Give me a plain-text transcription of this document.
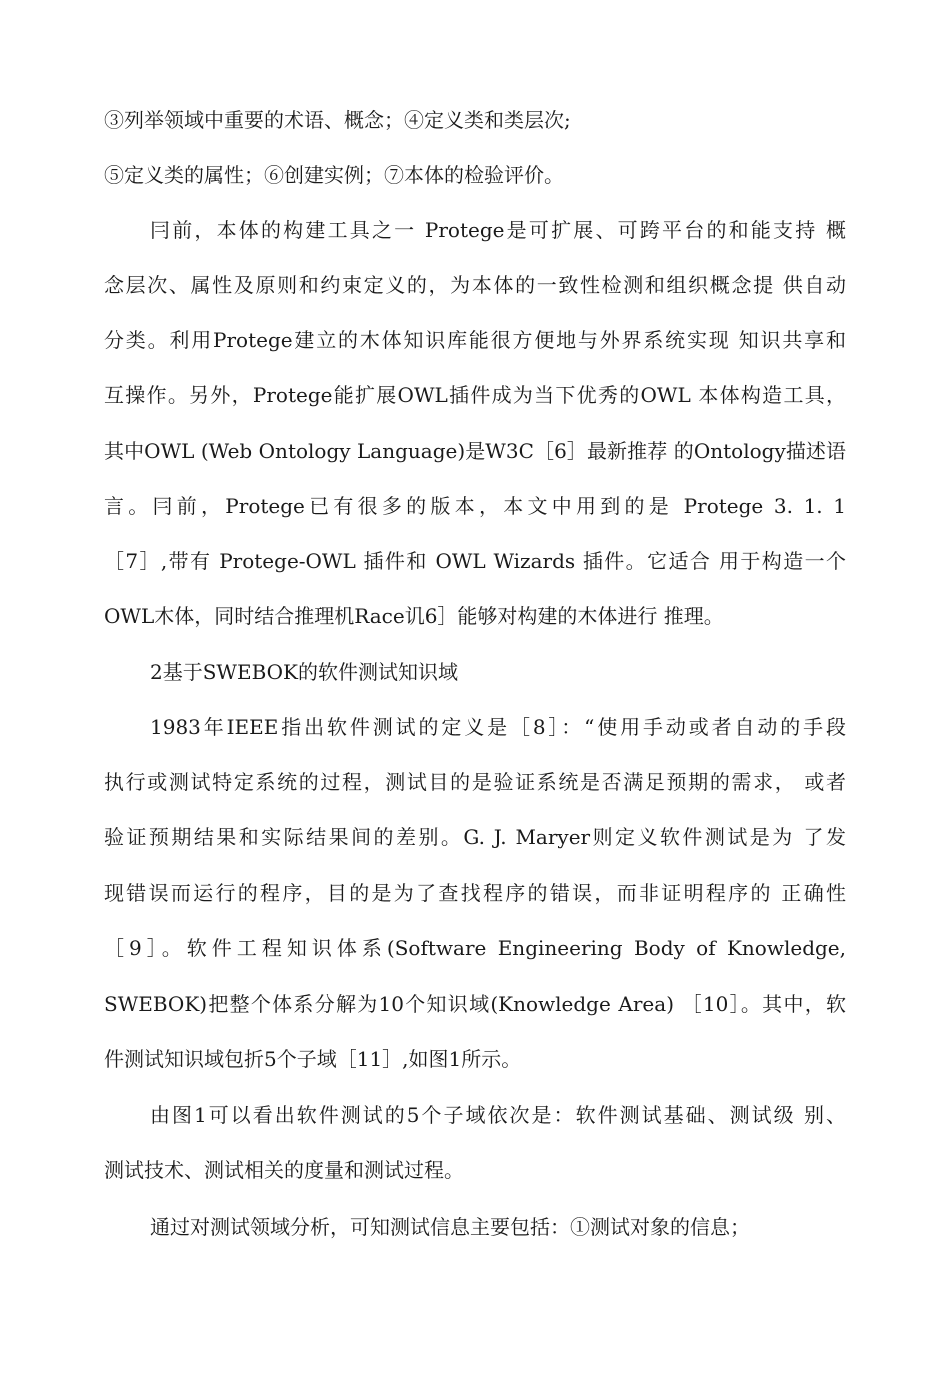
③列举领域中重要的术语、概念；④定义类和类层次;
⑤定义类的属性；⑥创建实例；⑦本体的检验评价。
冃前，本体的构建工具之一 Protege是可扩展、可跨平台的和能支持 概
念层次、属性及原则和约束定义的，为本体的一致性检测和组织概念提 供自动
分类。利用Protege建立的木体知识库能很方便地与外界系统实现 知识共享和
互操作。另外，Protege能扩展OWL插件成为当下优秀的OWL 本体构造工具，
其中OWL (Web Ontology Language)是W3C［6］最新推荐 的Ontology描述语
言。冃前，Protege已有很多的版本，本文中用到的是 Protege 3. 1. 1
［7］,带有 Protege-OWL 插件和 OWL Wizards 插件。它适合 用于构造一个
OWL木体，同时结合推理机Race讥6］能够对构建的木体进行 推理。
2基于SWEBOK的软件测试知识域
1983年IEEE指出软件测试的定义是［8］：“使用手动或者自动的手段
执行或测试特定系统的过程，测试目的是验证系统是否满足预期的需求， 或者
验证预期结果和实际结果间的差别。G. J. Maryer则定义软件测试是为 了发
现错误而运行的程序，目的是为了查找程序的错误，而非证明程序的 正确性
［9］。软件工程知识体系(Software Engineering Body of Knowledge,
SWEBOK)把整个体系分解为10个知识域(Knowledge Area) ［10］。其中，软
件测试知识域包折5个子域［11］,如图1所示。
由图1可以看出软件测试的5个子域依次是：软件测试基础、测试级 别、
测试技术、测试相关的度量和测试过程。
通过对测试领域分析，可知测试信息主要包括：①测试对象的信息；
